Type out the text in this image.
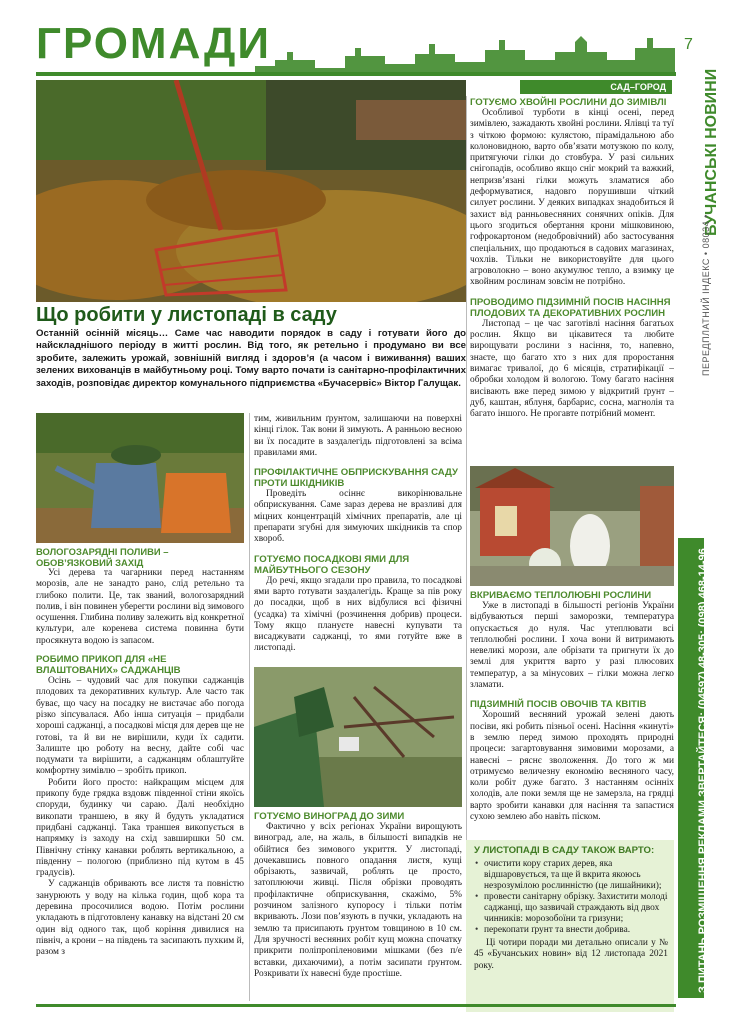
ГРОМАДИ	7
БУЧАНСЬКІ НОВИНИ
ПЕРЕДПЛАТНИЙ ІНДЕКС • 08034 •
З ПИТАНЬ РОЗМІЩЕННЯ РЕКЛАМИ ЗВЕРТАЙТЕСЯ: (04597) 48-305; (098) 468-14-96.
САД–ГОРОД
Що робити у листопаді в саду
Останній осінній місяць… Саме час наводити порядок в саду і готувати його до найскладнішого періоду в житті рослин. Від того, як ретельно і продумано ви все зробите, залежить урожай, зовнішній вигляд і здоров’я (а часом і виживання) ваших зелених вихованців в майбутньому році. Тому варто почати із санітарно-профілактичних заходів, розповідає директор комунального підприємства «Бучасервіс» Віктор Галущак.
ВОЛОГОЗАРЯДНІ ПОЛИВИ – ОБОВ’ЯЗКОВИЙ ЗАХІД

Усі дерева та чагарники перед настанням морозів, але не занадто рано, слід ретельно та глибоко полити. Це, так званий, вологозарядний полив, і він повинен уберегти рослини від зимового осушення. Глибина поливу залежить від конкретної культури, але коренева система повинна бути просякнута водою із запасом.

РОБИМО ПРИКОП ДЛЯ «НЕ ВЛАШТОВАНИХ» САДЖАНЦІВ

Осінь – чудовий час для покупки саджанців плодових та декоративних культур. Але часто так буває, що часу на посадку не вистачає або погода різко зіпсувалася. Або інша ситуація – придбали хороші саджанці, а посадкові місця для дерев ще не готові, та й ви не вирішили, куди їх садити. Залиште цю роботу на весну, дайте собі час подумати та вирішити, а саджанцям облаштуйте комфортну зимівлю – зробіть прикоп.

Робити його просто: найкращим місцем для прикопу буде грядка вздовж південної стіни якоїсь споруди, будинку чи сараю. Далі необхідно викопати траншею, в яку й будуть укладатися придбані саджанці. Така траншея викопується в напрямку із заходу на схід завширшки 50 см. Північну стінку канавки роблять вертикальною, а південну – пологою (приблизно під кутом в 45 градусів).

У саджанців обривають все листя та повністю занурюють у воду на кілька годин, щоб кора та деревина просочилися водою. Потім рослини укладають в підготовлену канавку на відстані 20 см один від одного так, щоб коріння дивилися на північ, а крони – на південь та засипають пухким й, разом з

тим, живильним ґрунтом, залишаючи на поверхні кінці гілок. Так вони й зимують. А ранньою весною ви їх посадите в заздалегідь підготовлені за всіма правилами ями.

ПРОФІЛАКТИЧНЕ ОБПРИСКУВАННЯ САДУ ПРОТИ ШКІДНИКІВ

Проведіть осіннє викорінювальне обприскування. Саме зараз дерева не вразливі для міцних концентрацій хімічних препаратів, але ці препарати згубні для зимуючих шкідників та спор хвороб.

ГОТУЄМО ПОСАДКОВІ ЯМИ ДЛЯ МАЙБУТНЬОГО СЕЗОНУ

До речі, якщо згадали про правила, то посадкові ями варто готувати заздалегідь. Краще за пів року до посадки, щоб в них відбулися всі фізичні (усадка) та хімічні (розчинення добрив) процеси. Тому якщо плануєте навесні купувати та висаджувати саджанці, то ями готуйте вже в листопаді.

ГОТУЄМО ВИНОГРАД ДО ЗИМИ

Фактично у всіх регіонах України вирощують виноград, але, на жаль, в більшості випадків не обійтися без зимового укриття. У листопаді, дочекавшись повного опадання листя, кущі обрізають, зазвичай, роблять це просто, затоплюючи живці. Після обрізки проводять профілактичне обприскування, скажімо, 5% розчином залізного купоросу і тільки потім вкривають. Лози пов’язують в пучки, укладають на землю та присипають ґрунтом товщиною в 10 см. Для зручності весняних робіт кущ можна спочатку прикрити поліпропіленовими мішками (без п/е вставки, дихаючими), а потім засипати ґрунтом. Розкривати їх навесні буде простіше.

ГОТУЄМО ХВОЙНІ РОСЛИНИ ДО ЗИМІВЛІ

Особливої турботи в кінці осені, перед зимівлею, зажадають хвойні рослини. Ялівці та туї з чіткою формою: кулястою, пірамідальною або колоновидною, варто обв’язати мотузкою по колу, притягуючи гілки до стовбура. У разі сильних снігопадів, особливо якщо сніг мокрий та важкий, непризв’язані гілки можуть зламатися або деформуватися, надовго порушивши чіткий силует рослини. У деяких випадках знадобиться й захист від ранньовесняних сонячних опіків. Для цього згодиться обертання крони мішковиною, гофрокартоном (недобровічний) або застосування спеціальних, що продаються в садових магазинах, чохлів. Тільки не використовуйте для цього агроволокно – воно акумулює тепло, а взимку це хвойним рослинам зовсім не потрібно.

ПРОВОДИМО ПІДЗИМНІЙ ПОСІВ НАСІННЯ ПЛОДОВИХ ТА ДЕКОРАТИВНИХ РОСЛИН

Листопад – це час заготівлі насіння багатьох рослин. Якщо ви цікавитеся та любите вирощувати рослини з насіння, то, напевно, знаєте, що багато хто з них для проростання вимагає тривалої, до 6 місяців, стратифікації – обробки холодом й вологою. Тому багато насіння висівають вже перед зимою у відкритий ґрунт – дуб, каштан, яблуня, барбарис, сосна, магнолія та багато іншого. Не прогавте потрібний момент.

ВКРИВАЄМО ТЕПЛОЛЮБНІ РОСЛИНИ

Уже в листопаді в більшості регіонів України відбуваються перші заморозки, температура опускається до нуля. Час утеплювати всі теплолюбні рослини. І хоча вони й витримають невеликі морози, але обрізати та пригнути їх до землі для укриття варто у разі плюсових температур, а за мінусових – гілки можна легко зламати.

ПІДЗИМНІЙ ПОСІВ ОВОЧІВ ТА КВІТІВ

Хороший весняний урожай зелені дають посіви, які робить пізньої осені. Насіння «кинуті» в землю перед зимою проходять природні процеси: загартовування зимовими морозами, а навесні – ряснє зволоження. До того ж ми отримуємо величезну економію весняного часу, коли робіт дуже багато. З настанням осінніх холодів, але поки земля ще не замерзла, на грядці варто зробити канавки для насіння та запастися сухою землею або навіть піском.

У ЛИСТОПАДІ В САДУ ТАКОЖ ВАРТО:
• очистити кору старих дерев, яка відшаровується, та ще й вкрита якоюсь незрозумілою рослинністю (це лишайники);
• провести санітарну обрізку. Захистити молоді саджанці, що зазвичай страждають від двох чинників: морозобоїни та гризуни;
• перекопати ґрунт та внести добрива.

Ці чотири поради ми детально описали у № 45 «Бучанських новин» від 12 листопада 2021 року.
